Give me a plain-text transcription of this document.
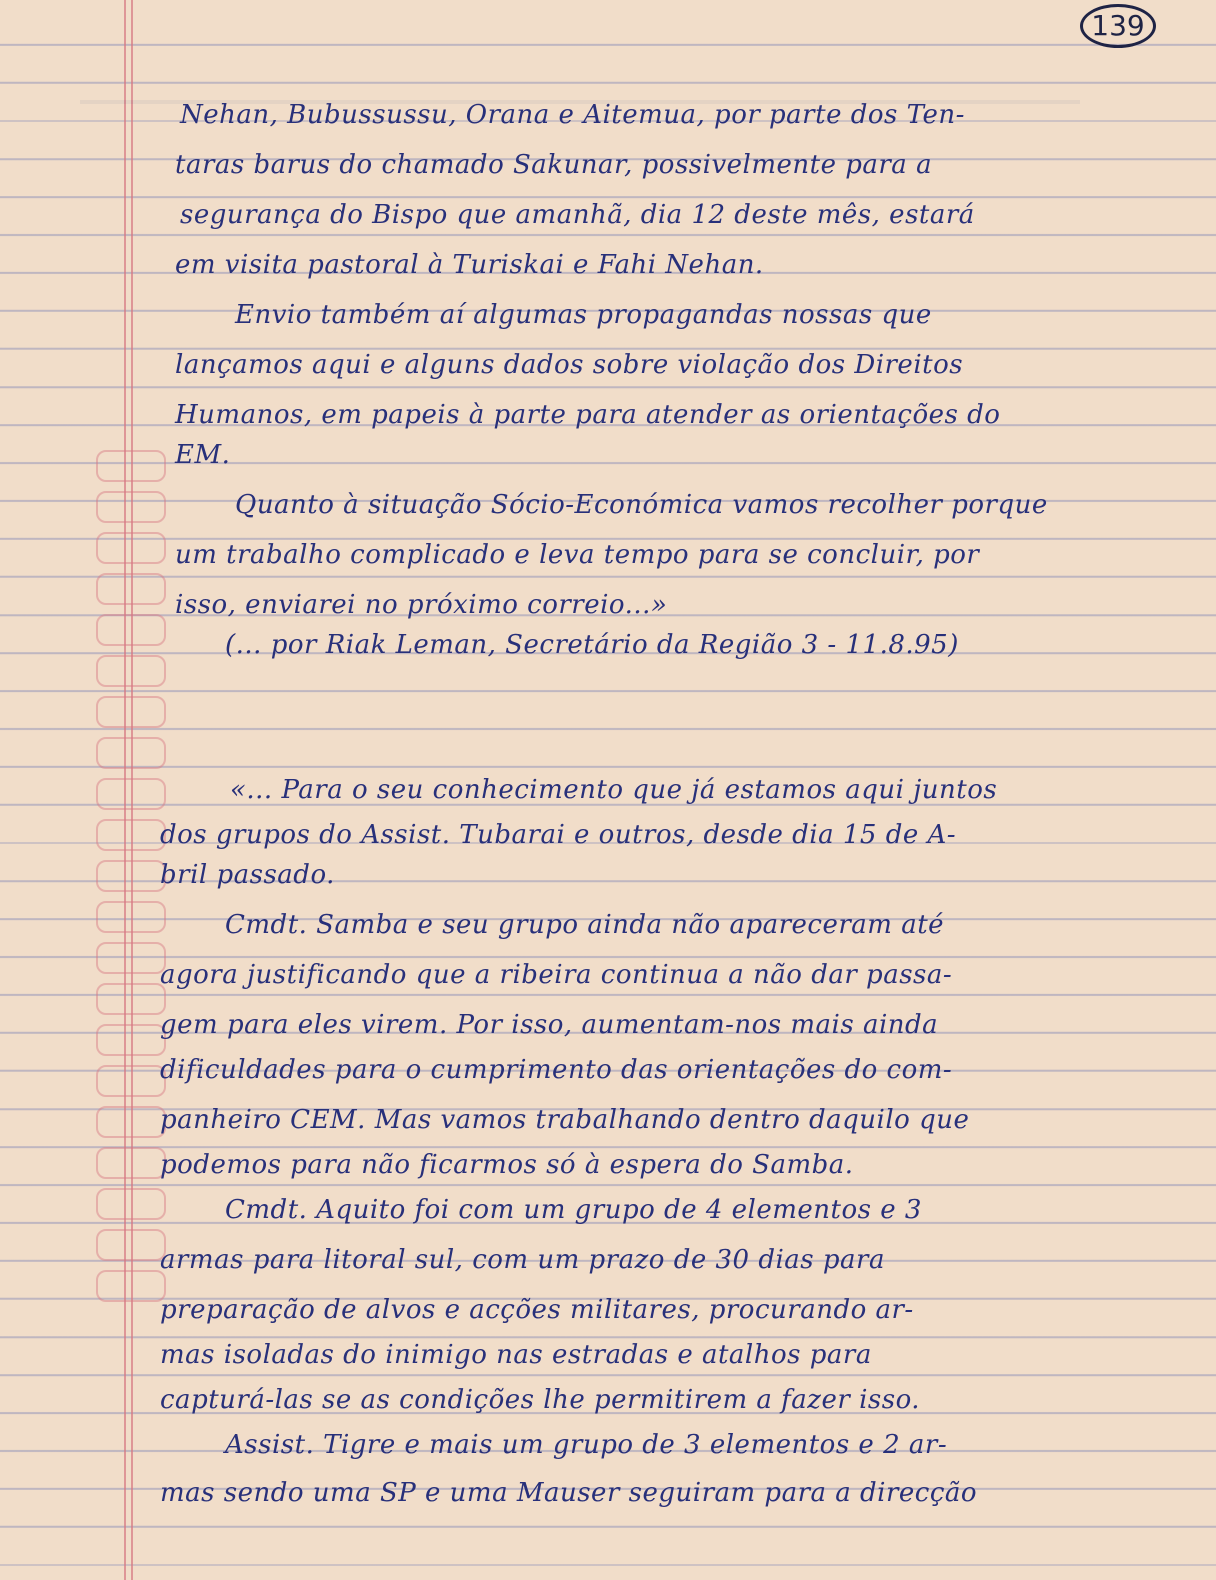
139
Nehan, Bubussussu, Orana e Aitemua, por parte dos Ten-
taras barus do chamado Sakunar, possivelmente para a
segurança do Bispo que amanhã, dia 12 deste mês, estará
em visita pastoral à Turiskai e Fahi Nehan.
Envio também aí algumas propagandas nossas que
lançamos aqui e alguns dados sobre violação dos Direitos
Humanos, em papeis à parte para atender as orientações do
EM.
Quanto à situação Sócio-Económica vamos recolher porque
um trabalho complicado e leva tempo para se concluir, por
isso, enviarei no próximo correio...»
(... por Riak Leman, Secretário da Região 3 - 11.8.95)
«... Para o seu conhecimento que já estamos aqui juntos
dos grupos do Assist. Tubarai e outros, desde dia 15 de A-
bril passado.
Cmdt. Samba e seu grupo ainda não apareceram até
agora justificando que a ribeira continua a não dar passa-
gem para eles virem. Por isso, aumentam-nos mais ainda
dificuldades para o cumprimento das orientações do com-
panheiro CEM. Mas vamos trabalhando dentro daquilo que
podemos para não ficarmos só à espera do Samba.
Cmdt. Aquito foi com um grupo de 4 elementos e 3
armas para litoral sul, com um prazo de 30 dias para
preparação de alvos e acções militares, procurando ar-
mas isoladas do inimigo nas estradas e atalhos para
capturá-las se as condições lhe permitirem a fazer isso.
Assist. Tigre e mais um grupo de 3 elementos e 2 ar-
mas sendo uma SP e uma Mauser seguiram para a direcção
